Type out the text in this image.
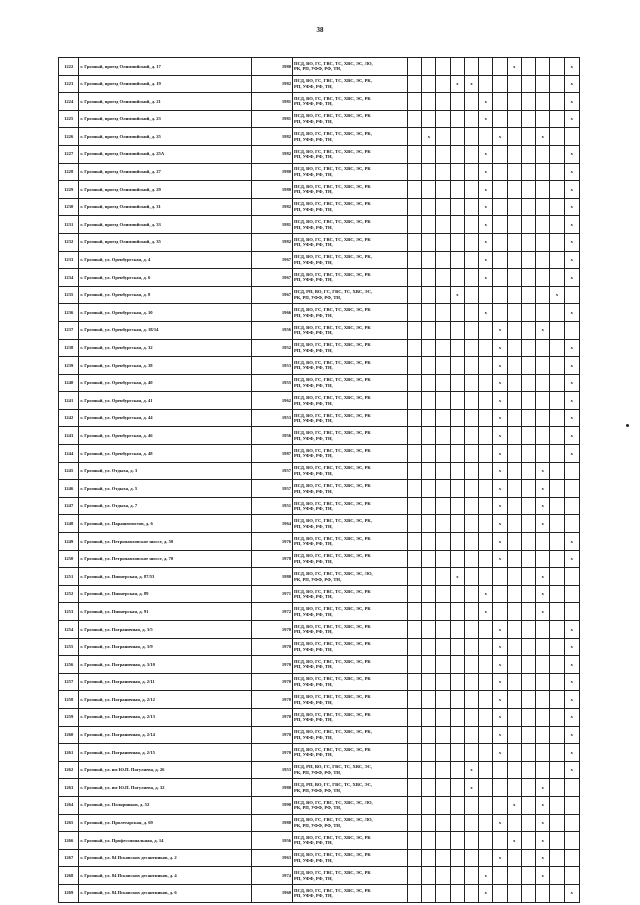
38
1222	г. Грозный, проезд Олимпийский, д. 17	1980	ПСД, ВО, ГС, ГВС, ТС, ХВС, ЭС, ЛО,
РК, РП, УФФ, РФ, ТН,								x				x
1223	г. Грозный, проезд Олимпийский, д. 19	1982	ПСД, ВО, ГС, ГВС, ТС, ХВС, ЭС, РК,
РП, УФФ, РФ, ТН,				x	x							x
1224	г. Грозный, проезд Олимпийский, д. 21	1981	ПСД, ВО, ГС, ГВС, ТС, ХВС, ЭС, РК
РП, УФФ, РФ, ТН,						x						x
1225	г. Грозный, проезд Олимпийский, д. 23	1981	ПСД, ВО, ГС, ГВС, ТС, ХВС, ЭС, РК
РП, УФФ, РФ, ТН,						x						x
1226	г. Грозный, проезд Олимпийский, д. 25	1982	ПСД, ВО, ГС, ГВС, ТС, ХВС, ЭС, РК,
РП, УФФ, РФ, ТН,		x					x			x		
1227	г. Грозный, проезд Олимпийский, д. 25А	1982	ПСД, ВО, ГС, ГВС, ТС, ХВС, ЭС, РК
РП, УФФ, РФ, ТН,						x						x
1228	г. Грозный, проезд Олимпийский, д. 27	1980	ПСД, ВО, ГС, ГВС, ТС, ХВС, ЭС, РК
РП, УФФ, РФ, ТН,						x						x
1229	г. Грозный, проезд Олимпийский, д. 29	1980	ПСД, ВО, ГС, ГВС, ТС, ХВС, ЭС, РК
РП, УФФ, РФ, ТН,						x						x
1230	г. Грозный, проезд Олимпийский, д. 31	1982	ПСД, ВО, ГС, ГВС, ТС, ХВС, ЭС, РК
РП, УФФ, РФ, ТН,						x						x
1231	г. Грозный, проезд Олимпийский, д. 33	1981	ПСД, ВО, ГС, ГВС, ТС, ХВС, ЭС, РК
РП, УФФ, РФ, ТН,						x						x
1232	г. Грозный, проезд Олимпийский, д. 35	1982	ПСД, ВО, ГС, ГВС, ТС, ХВС, ЭС, РК
РП, УФФ, РФ, ТН,						x						x
1233	г. Грозный, ул. Оренбургская, д. 4	1967	ПСД, ВО, ГС, ГВС, ТС, ХВС, ЭС, РК,
РП, УФФ, РФ, ТН,						x						x
1234	г. Грозный, ул. Оренбургская, д. 6	1967	ПСД, ВО, ГС, ГВС, ТС, ХВС, ЭС, РК
РП, УФФ, РФ, ТН,						x						x
1235	г. Грозный, ул. Оренбургская, д. 8	1967	ПСД, РП, ВО, ГС, ГВС, ТС, ХВС, ЭС,
РК, РП, УФФ, РФ, ТН,				x							x	
1236	г. Грозный, ул. Оренбургская, д. 10	1966	ПСД, ВО, ГС, ГВС, ТС, ХВС, ЭС, РК
РП, УФФ, РФ, ТН,						x						x
1237	г. Грозный, ул. Оренбургская, д. 18/14	1956	ПСД, ВО, ГС, ГВС, ТС, ХВС, ЭС, РК
РП, УФФ, РФ, ТН,							x			x		
1238	г. Грозный, ул. Оренбургская, д. 32	1952	ПСД, ВО, ГС, ГВС, ТС, ХВС, ЭС, РК
РП, УФФ, РФ, ТН,							x					x
1239	г. Грозный, ул. Оренбургская, д. 38	1953	ПСД, ВО, ГС, ГВС, ТС, ХВС, ЭС, РК
РП, УФФ, РФ, ТН,							x					x
1240	г. Грозный, ул. Оренбургская, д. 40	1955	ПСД, ВО, ГС, ГВС, ТС, ХВС, ЭС, РК
РП, УФФ, РФ, ТН,							x					x
1241	г. Грозный, ул. Оренбургская, д. 41	1962	ПСД, ВО, ГС, ГВС, ТС, ХВС, ЭС, РК
РП, УФФ, РФ, ТН,							x					x
1242	г. Грозный, ул. Оренбургская, д. 44	1953	ПСД, ВО, ГС, ГВС, ТС, ХВС, ЭС, РК
РП, УФФ, РФ, ТН,							x					x
1243	г. Грозный, ул. Оренбургская, д. 46	1956	ПСД, ВО, ГС, ГВС, ТС, ХВС, ЭС, РК
РП, УФФ, РФ, ТН,							x					x
1244	г. Грозный, ул. Оренбургская, д. 48	1987	ПСД, ВО, ГС, ГВС, ТС, ХВС, ЭС, РК
РП, УФФ, РФ, ТН,							x					x
1245	г. Грозный, ул. Отдыха, д. 3	1957	ПСД, ВО, ГС, ГВС, ТС, ХВС, ЭС, РК
РП, УФФ, РФ, ТН,							x			x		
1246	г. Грозный, ул. Отдыха, д. 5	1957	ПСД, ВО, ГС, ГВС, ТС, ХВС, ЭС, РК
РП, УФФ, РФ, ТН,							x			x		
1247	г. Грозный, ул. Отдыха, д. 7	1951	ПСД, ВО, ГС, ГВС, ТС, ХВС, ЭС, РК
РП, УФФ, РФ, ТН,							x			x		
1248	г. Грозный, ул. Парашютистов, д. 6	1964	ПСД, ВО, ГС, ГВС, ТС, ХВС, ЭС, РК,
РП, УФФ, РФ, ТН,							x			x		
1249	г. Грозный, ул. Петропавловское шоссе, д. 50	1976	ПСД, ВО, ГС, ГВС, ТС, ХВС, ЭС, РК
РП, УФФ, РФ, ТН,							x					x
1250	г. Грозный, ул. Петропавловское шоссе, д. 70	1978	ПСД, ВО, ГС, ГВС, ТС, ХВС, ЭС, РК
РП, УФФ, РФ, ТН,							x					x
1251	г. Грозный, ул. Пионерская, д. 87/53	1980	ПСД, ВО, ГС, ГВС, ТС, ХВС, ЭС, ЛО,
РК, РП, УФФ, РФ, ТН,				x						x		
1252	г. Грозный, ул. Пионерская, д. 89	1971	ПСД, ВО, ГС, ГВС, ТС, ХВС, ЭС, РК
РП, УФФ, РФ, ТН,						x				x		
1253	г. Грозный, ул. Пионерская, д. 91	1972	ПСД, ВО, ГС, ГВС, ТС, ХВС, ЭС, РК
РП, УФФ, РФ, ТН,						x				x		
1254	г. Грозный, ул. Пограничная, д. 3/5	1970	ПСД, ВО, ГС, ГВС, ТС, ХВС, ЭС, РК
РП, УФФ, РФ, ТН,							x					x
1255	г. Грозный, ул. Пограничная, д. 3/9	1970	ПСД, ВО, ГС, ГВС, ТС, ХВС, ЭС, РК
РП, УФФ, РФ, ТН,							x					x
1256	г. Грозный, ул. Пограничная, д. 3/10	1970	ПСД, ВО, ГС, ГВС, ТС, ХВС, ЭС, РК
РП, УФФ, РФ, ТН,							x					x
1257	г. Грозный, ул. Пограничная, д. 2/11	1970	ПСД, ВО, ГС, ГВС, ТС, ХВС, ЭС, РК
РП, УФФ, РФ, ТН,							x					x
1258	г. Грозный, ул. Пограничная, д. 2/12	1970	ПСД, ВО, ГС, ГВС, ТС, ХВС, ЭС, РК
РП, УФФ, РФ, ТН,							x					x
1259	г. Грозный, ул. Пограничная, д. 2/13	1970	ПСД, ВО, ГС, ГВС, ТС, ХВС, ЭС, РК
РП, УФФ, РФ, ТН,							x					x
1260	г. Грозный, ул. Пограничная, д. 2/14	1970	ПСД, ВО, ГС, ГВС, ТС, ХВС, ЭС, РК,
РП, УФФ, РФ, ТН,							x					x
1261	г. Грозный, ул. Пограничная, д. 2/15	1970	ПСД, ВО, ГС, ГВС, ТС, ХВС, ЭС, РК
РП, УФФ, РФ, ТН,							x					x
1262	г. Грозный, ул. им Ю.П. Погуляева, д. 26	1953	ПСД, РП, ВО, ГС, ГВС, ТС, ХВС, ЭС,
РК, РП, УФФ, РФ, ТН,					x							x
1263	г. Грозный, ул. им Ю.П. Погуляева, д. 32	1980	ПСД, РП, ВО, ГС, ГВС, ТС, ХВС, ЭС,
РК, РП, УФФ, РФ, ТН,					x					x		
1264	г. Грозный, ул. Полярников, д. 52	1990	ПСД, ВО, ГС, ГВС, ТС, ХВС, ЭС, ЛО,
РК, РП, УФФ, РФ, ТН,								x		x		
1265	г. Грозный, ул. Пролетарская, д. 69	1980	ПСД, ВО, ГС, ГВС, ТС, ХВС, ЭС, ЛО,
РК, РП, УФФ, РФ, ТН,							x			x		
1266	г. Грозный, ул. Профессиональная, д. 14	1956	ПСД, ВО, ГС, ГВС, ТС, ХВС, ЭС, РК
РП, УФФ, РФ, ТН,								x		x		
1267	г. Грозный, ул. 84 Псковских десантников, д. 2	1963	ПСД, ВО, ГС, ГВС, ТС, ХВС, ЭС, РК
РП, УФФ, РФ, ТН,							x			x		
1268	г. Грозный, ул. 84 Псковских десантников, д. 4	1974	ПСД, ВО, ГС, ГВС, ТС, ХВС, ЭС, РК
РП, УФФ, РФ, ТН,						x				x		
1269	г. Грозный, ул. 84 Псковских десантников, д. 6	1960	ПСД, ВО, ГС, ГВС, ТС, ХВС, ЭС, РК
РП, УФФ, РФ, ТН,						x						x
